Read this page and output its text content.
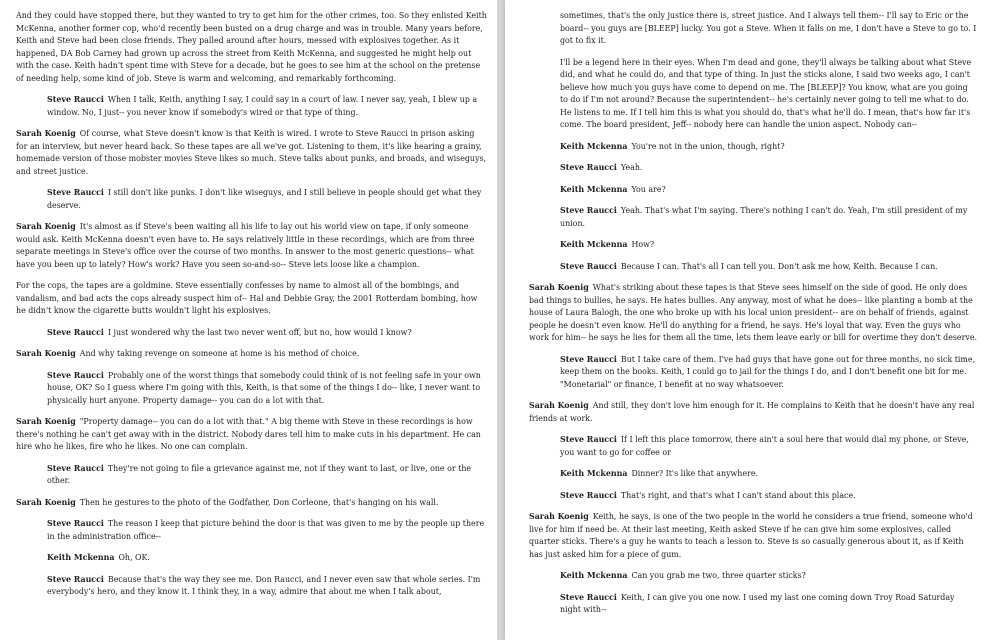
And they could have stopped there, but they wanted to try to get him for the other crimes, too. So they enlisted Keith McKenna, another former cop, who'd recently been busted on a drug charge and was in trouble. Many years before, Keith and Steve had been close friends. They palled around after hours, messed with explosives together. As it happened, DA Bob Carney had grown up across the street from Keith McKenna, and suggested he might help out with the case. Keith hadn't spent time with Steve for a decade, but he goes to see him at the school on the pretense of needing help, some kind of job. Steve is warm and welcoming, and remarkably forthcoming.

Steve Raucci When I talk, Keith, anything I say, I could say in a court of law. I never say, yeah, I blew up a window. No, I just-- you never know if somebody's wired or that type of thing.

Sarah Koenig Of course, what Steve doesn't know is that Keith is wired. I wrote to Steve Raucci in prison asking for an interview, but never heard back. So these tapes are all we've got. Listening to them, it's like hearing a grainy, homemade version of those mobster movies Steve likes so much. Steve talks about punks, and broads, and wiseguys, and street justice.

Steve Raucci I still don't like punks. I don't like wiseguys, and I still believe in people should get what they deserve.

Sarah Koenig It's almost as if Steve's been waiting all his life to lay out his world view on tape, if only someone would ask. Keith McKenna doesn't even have to. He says relatively little in these recordings, which are from three separate meetings in Steve's office over the course of two months. In answer to the most generic questions-- what have you been up to lately? How's work? Have you seen so-and-so-- Steve lets loose like a champion.

For the cops, the tapes are a goldmine. Steve essentially confesses by name to almost all of the bombings, and vandalism, and bad acts the cops already suspect him of-- Hal and Debbie Gray, the 2001 Rotterdam bombing, how he didn't know the cigarette butts wouldn't light his explosives.

Steve Raucci I just wondered why the last two never went off, but no, how would I know?

Sarah Koenig And why taking revenge on someone at home is his method of choice.

Steve Raucci Probably one of the worst things that somebody could think of is not feeling safe in your own house, OK? So I guess where I'm going with this, Keith, is that some of the things I do-- like, I never want to physically hurt anyone. Property damage-- you can do a lot with that.

Sarah Koenig "Property damage-- you can do a lot with that." A big theme with Steve in these recordings is how there's nothing he can't get away with in the district. Nobody dares tell him to make cuts in his department. He can hire who he likes, fire who he likes. No one can complain.

Steve Raucci They're not going to file a grievance against me, not if they want to last, or live, one or the other.

Sarah Koenig Then he gestures to the photo of the Godfather, Don Corleone, that's hanging on his wall.

Steve Raucci The reason I keep that picture behind the door is that was given to me by the people up there in the administration office--

Keith Mckenna Oh, OK.

Steve Raucci Because that's the way they see me. Don Raucci, and I never even saw that whole series. I'm everybody's hero, and they know it. I think they, in a way, admire that about me when I talk about,

sometimes, that's the only justice there is, street justice. And I always tell them-- I'll say to Eric or the board-- you guys are [BLEEP] lucky. You got a Steve. When it falls on me, I don't have a Steve to go to. I got to fix it.

I'll be a legend here in their eyes. When I'm dead and gone, they'll always be talking about what Steve did, and what he could do, and that type of thing. In just the sticks alone, I said two weeks ago, I can't believe how much you guys have come to depend on me. The [BLEEP]? You know, what are you going to do if I'm not around? Because the superintendent-- he's certainly never going to tell me what to do. He listens to me. If I tell him this is what you should do, that's what he'll do. I mean, that's how far it's come. The board president, Jeff-- nobody here can handle the union aspect. Nobody can--

Keith Mckenna You're not in the union, though, right?

Steve Raucci Yeah.

Keith Mckenna You are?

Steve Raucci Yeah. That's what I'm saying. There's nothing I can't do. Yeah, I'm still president of my union.

Keith Mckenna How?

Steve Raucci Because I can. That's all I can tell you. Don't ask me how, Keith. Because I can.

Sarah Koenig What's striking about these tapes is that Steve sees himself on the side of good. He only does bad things to bullies, he says. He hates bullies. Any anyway, most of what he does-- like planting a bomb at the house of Laura Balogh, the one who broke up with his local union president-- are on behalf of friends, against people he doesn't even know. He'll do anything for a friend, he says. He's loyal that way. Even the guys who work for him-- he says he lies for them all the time, lets them leave early or bill for overtime they don't deserve.

Steve Raucci But I take care of them. I've had guys that have gone out for three months, no sick time, keep them on the books. Keith, I could go to jail for the things I do, and I don't benefit one bit for me. "Monetarial" or finance, I benefit at no way whatsoever.

Sarah Koenig And still, they don't love him enough for it. He complains to Keith that he doesn't have any real friends at work.

Steve Raucci If I left this place tomorrow, there ain't a soul here that would dial my phone, or Steve, you want to go for coffee or

Keith Mckenna Dinner? It's like that anywhere.

Steve Raucci That's right, and that's what I can't stand about this place.

Sarah Koenig Keith, he says, is one of the two people in the world he considers a true friend, someone who'd live for him if need be. At their last meeting, Keith asked Steve if he can give him some explosives, called quarter sticks. There's a guy he wants to teach a lesson to. Steve is so casually generous about it, as if Keith has just asked him for a piece of gum.

Keith Mckenna Can you grab me two, three quarter sticks?

Steve Raucci Keith, I can give you one now. I used my last one coming down Troy Road Saturday night with--
